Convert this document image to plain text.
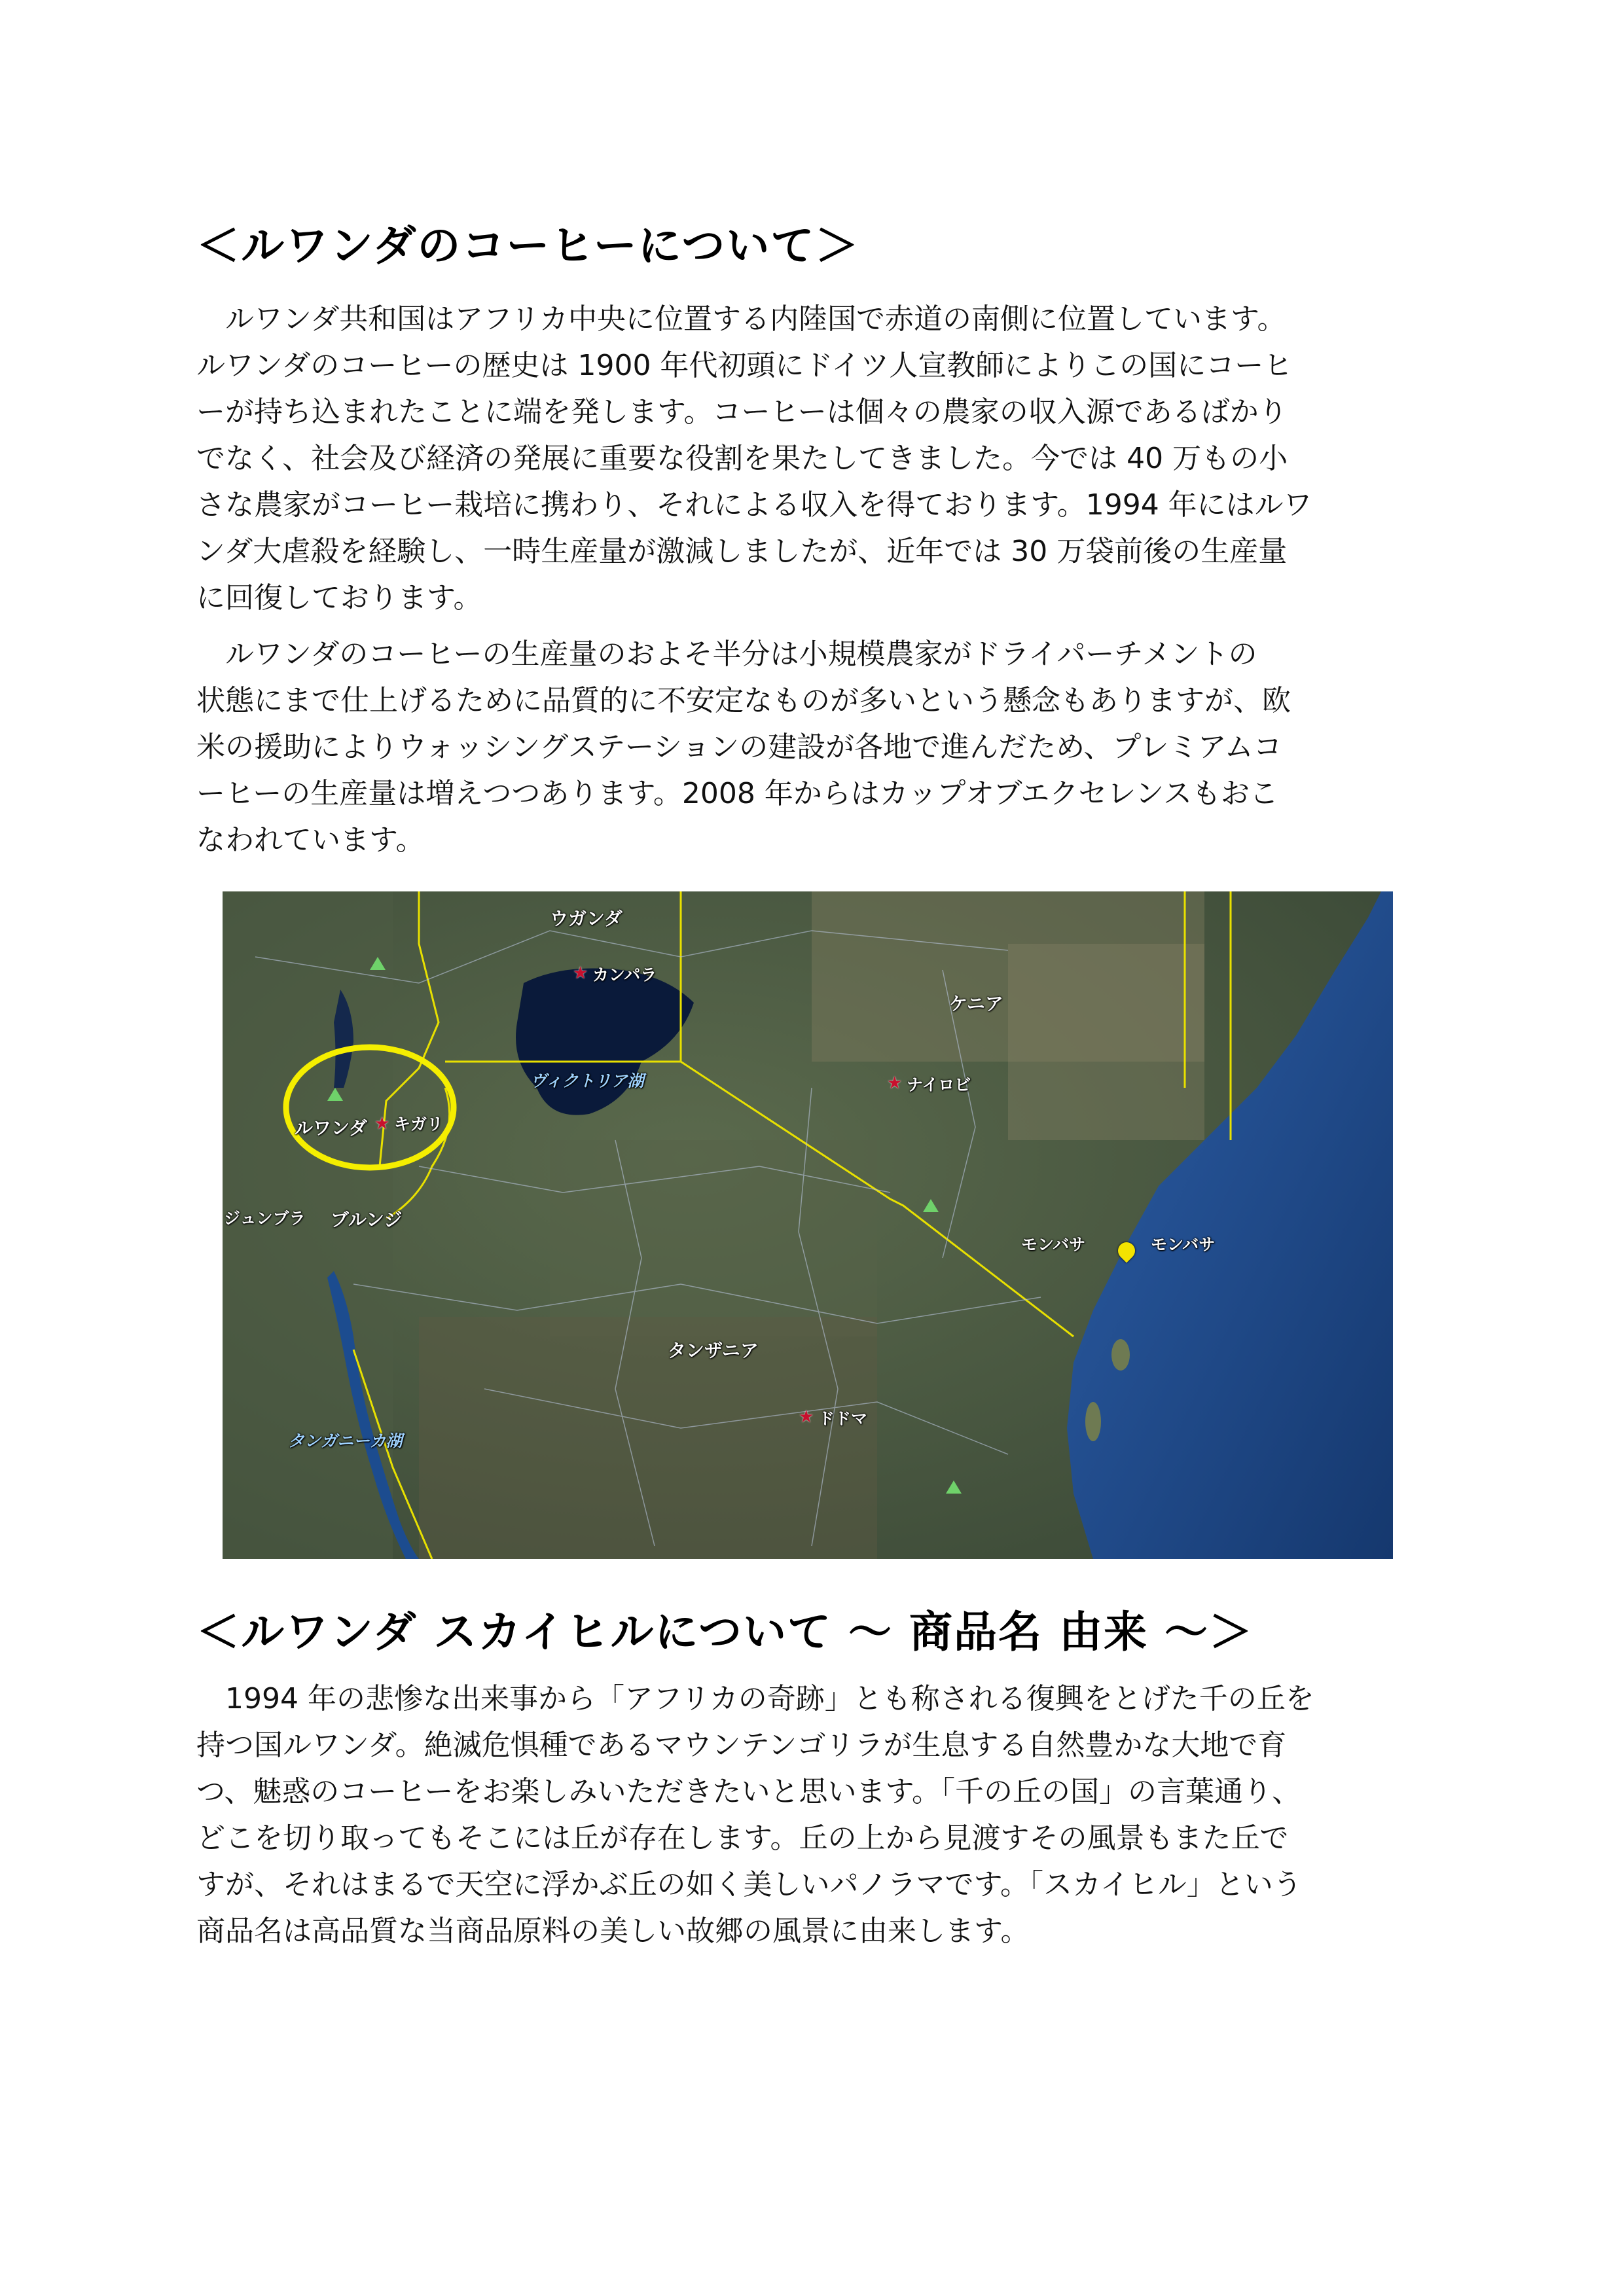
＜ルワンダのコーヒーについて＞
　ルワンダ共和国はアフリカ中央に位置する内陸国で赤道の南側に位置しています。
ルワンダのコーヒーの歴史は 1900 年代初頭にドイツ人宣教師によりこの国にコーヒ
ーが持ち込まれたことに端を発します。コーヒーは個々の農家の収入源であるばかり
でなく、社会及び経済の発展に重要な役割を果たしてきました。今では 40 万もの小
さな農家がコーヒー栽培に携わり、それによる収入を得ております。1994 年にはルワ
ンダ大虐殺を経験し、一時生産量が激減しましたが、近年では 30 万袋前後の生産量
に回復しております。
　ルワンダのコーヒーの生産量のおよそ半分は小規模農家がドライパーチメントの
状態にまで仕上げるために品質的に不安定なものが多いという懸念もありますが、欧
米の援助によりウォッシングステーションの建設が各地で進んだため、プレミアムコ
ーヒーの生産量は増えつつあります。2008 年からはカップオブエクセレンスもおこ
なわれています。
ウガンダ
★ カンパラ
ケニア
ヴィクトリア湖	★ ナイロビ
ルワンダ ★ キガリ
ジュンブラ ブルンジ
モンバサ	モンバサ
タンザニア
★ ドドマ
タンガニーカ湖
＜ルワンダ スカイヒルについて ～ 商品名 由来 ～＞
　1994 年の悲惨な出来事から「アフリカの奇跡」とも称される復興をとげた千の丘を
持つ国ルワンダ。絶滅危惧種であるマウンテンゴリラが生息する自然豊かな大地で育
つ、魅惑のコーヒーをお楽しみいただきたいと思います。「千の丘の国」の言葉通り、
どこを切り取ってもそこには丘が存在します。丘の上から見渡すその風景もまた丘で
すが、それはまるで天空に浮かぶ丘の如く美しいパノラマです。「スカイヒル」という
商品名は高品質な当商品原料の美しい故郷の風景に由来します。
